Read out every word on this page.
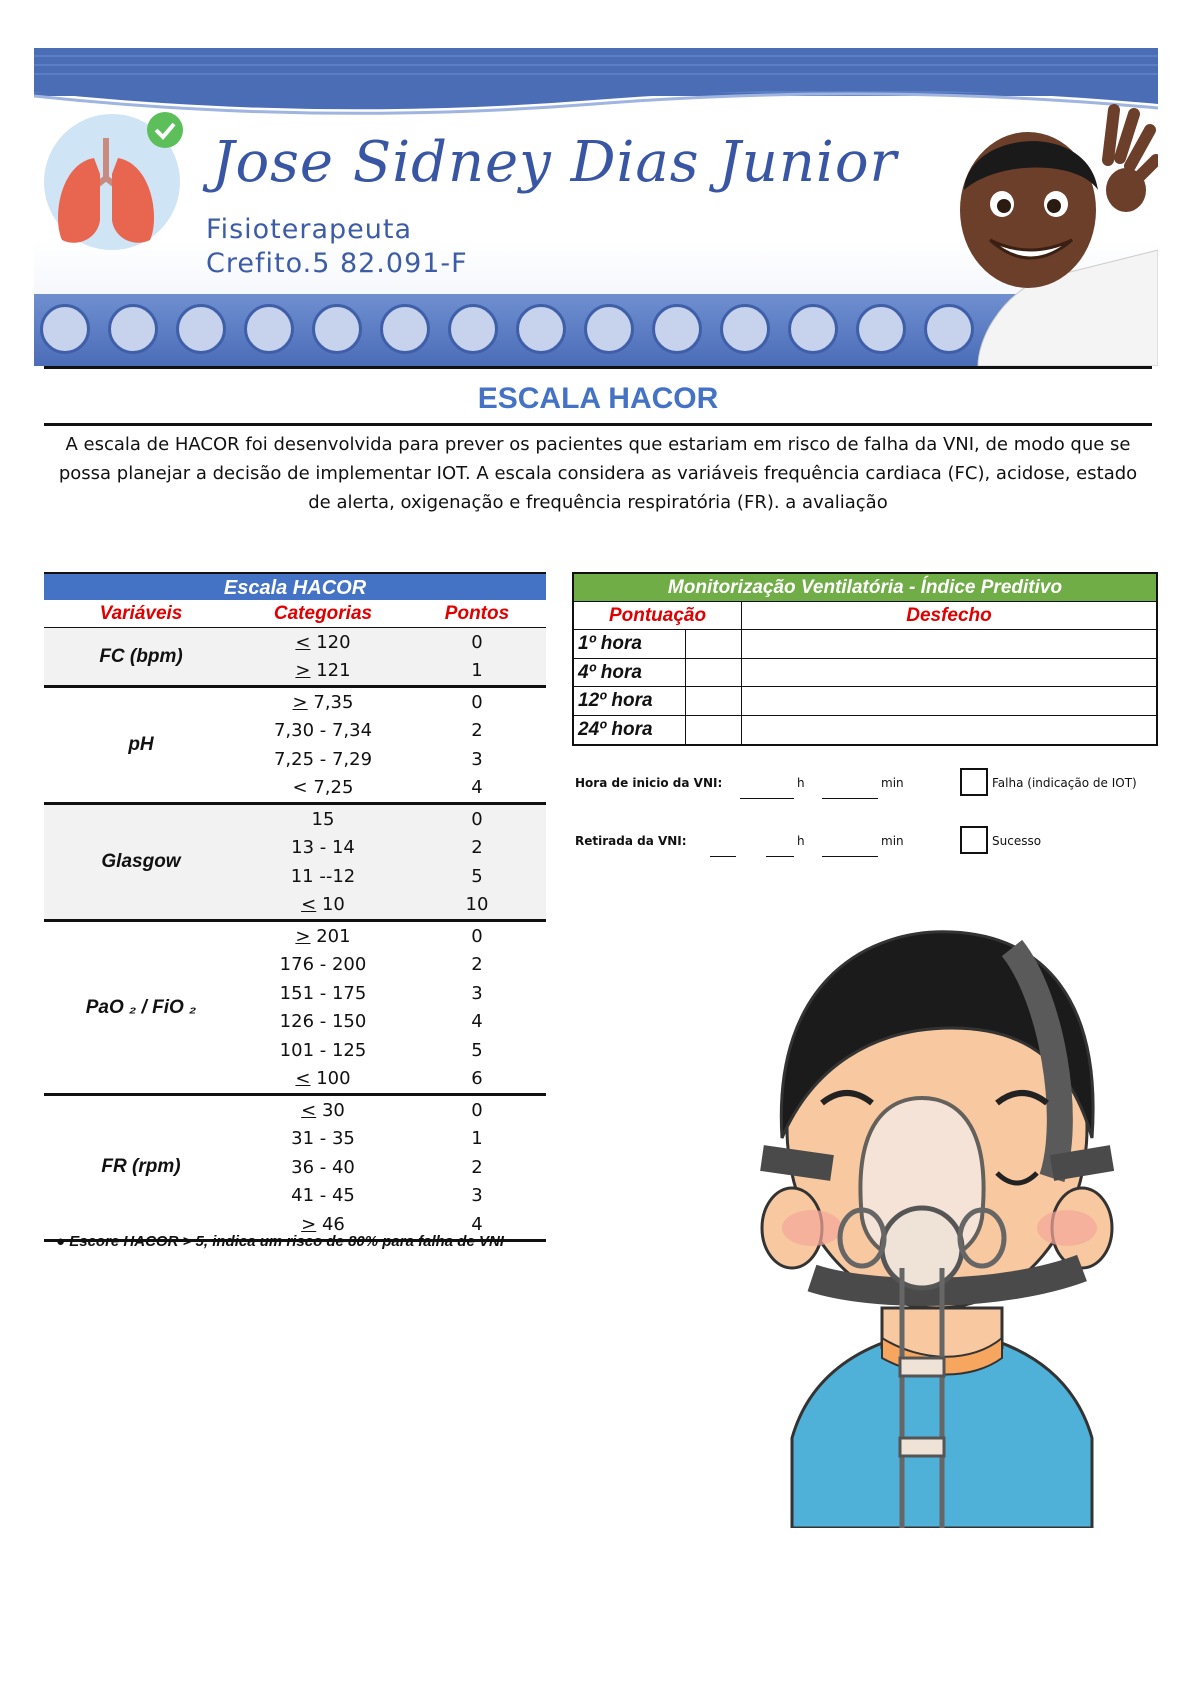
Jose Sidney Dias Junior
Fisioterapeuta
Crefito.5 82.091-F
ESCALA HACOR
A escala de HACOR foi desenvolvida para prever os pacientes que estariam em risco de falha da VNI, de modo que se possa planejar a decisão de implementar IOT. A escala considera as variáveis frequência cardiaca (FC), acidose, estado de alerta, oxigenação e frequência respiratória (FR). a avaliação
Escala HACOR
Variáveis	Categorias	Pontos
FC (bpm)
< 120	0
> 121	1
pH
> 7,35	0
7,30 - 7,34	2
7,25 - 7,29	3
< 7,25	4
Glasgow
15	0
13 - 14	2
11 --12	5
< 10	10
PaO ₂ / FiO ₂
> 201	0
176 - 200	2
151 - 175	3
126 - 150	4
101 - 125	5
< 100	6
FR (rpm)
< 30	0
31 - 35	1
36 - 40	2
41 - 45	3
> 46	4
● Escore HACOR > 5, indica um risco de 80% para falha de VNI
Monitorização Ventilatória - Índice Preditivo
Pontuação	Desfecho
1º hora
4º hora
12º hora
24º hora
Hora de inicio da VNI:	h	min	Falha (indicação de IOT)
Retirada da VNI:	h	min	Sucesso
